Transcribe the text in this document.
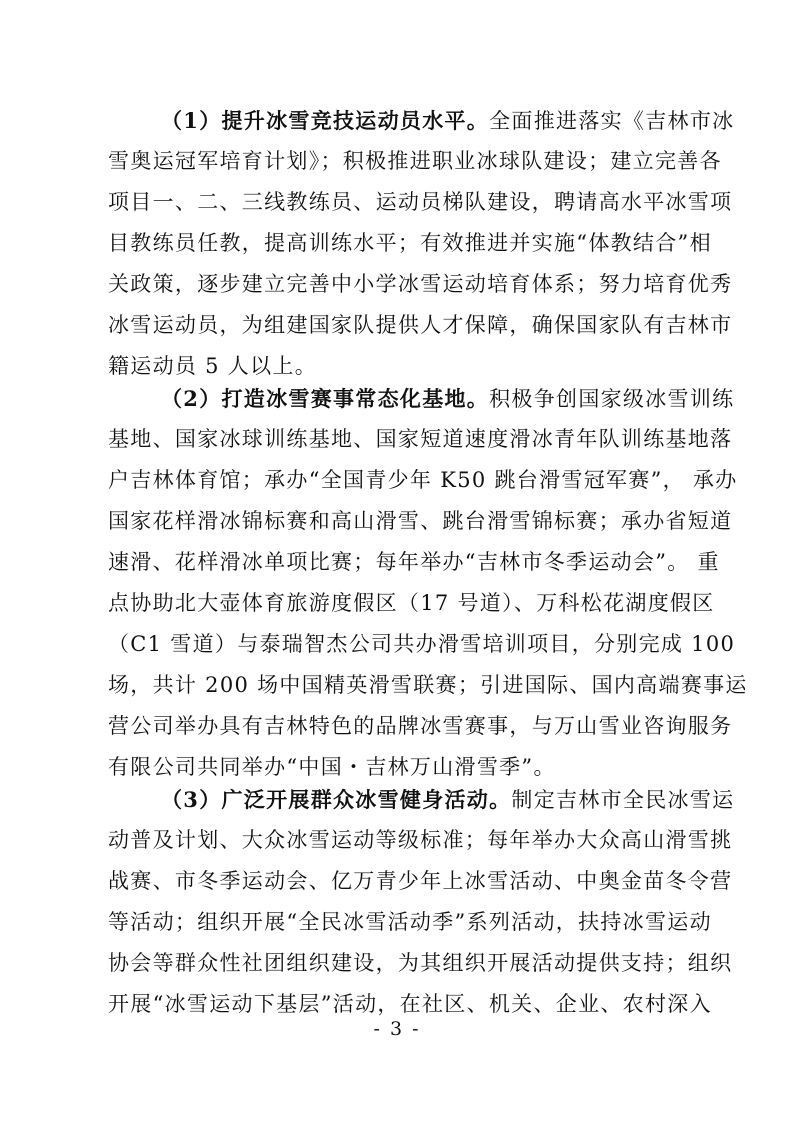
（1）提升冰雪竞技运动员水平。全面推进落实《吉林市冰
雪奥运冠军培育计划》；积极推进职业冰球队建设；建立完善各
项目一、二、三线教练员、运动员梯队建设，聘请高水平冰雪项
目教练员任教，提高训练水平；有效推进并实施“体教结合”相
关政策，逐步建立完善中小学冰雪运动培育体系；努力培育优秀
冰雪运动员，为组建国家队提供人才保障，确保国家队有吉林市
籍运动员 5 人以上。
（2）打造冰雪赛事常态化基地。积极争创国家级冰雪训练
基地、国家冰球训练基地、国家短道速度滑冰青年队训练基地落
户吉林体育馆；承办“全国青少年 K50 跳台滑雪冠军赛”， 承办
国家花样滑冰锦标赛和高山滑雪、跳台滑雪锦标赛；承办省短道
速滑、花样滑冰单项比赛；每年举办“吉林市冬季运动会”。 重
点协助北大壶体育旅游度假区（17 号道）、万科松花湖度假区
（C1 雪道）与泰瑞智杰公司共办滑雪培训项目，分别完成 100
场，共计 200 场中国精英滑雪联赛；引进国际、国内高端赛事运
营公司举办具有吉林特色的品牌冰雪赛事，与万山雪业咨询服务
有限公司共同举办“中国・吉林万山滑雪季”。
（3）广泛开展群众冰雪健身活动。制定吉林市全民冰雪运
动普及计划、大众冰雪运动等级标准；每年举办大众高山滑雪挑
战赛、市冬季运动会、亿万青少年上冰雪活动、中奥金苗冬令营
等活动；组织开展“全民冰雪活动季”系列活动，扶持冰雪运动
协会等群众性社团组织建设，为其组织开展活动提供支持；组织
开展“冰雪运动下基层”活动，在社区、机关、企业、农村深入
- 3 -
